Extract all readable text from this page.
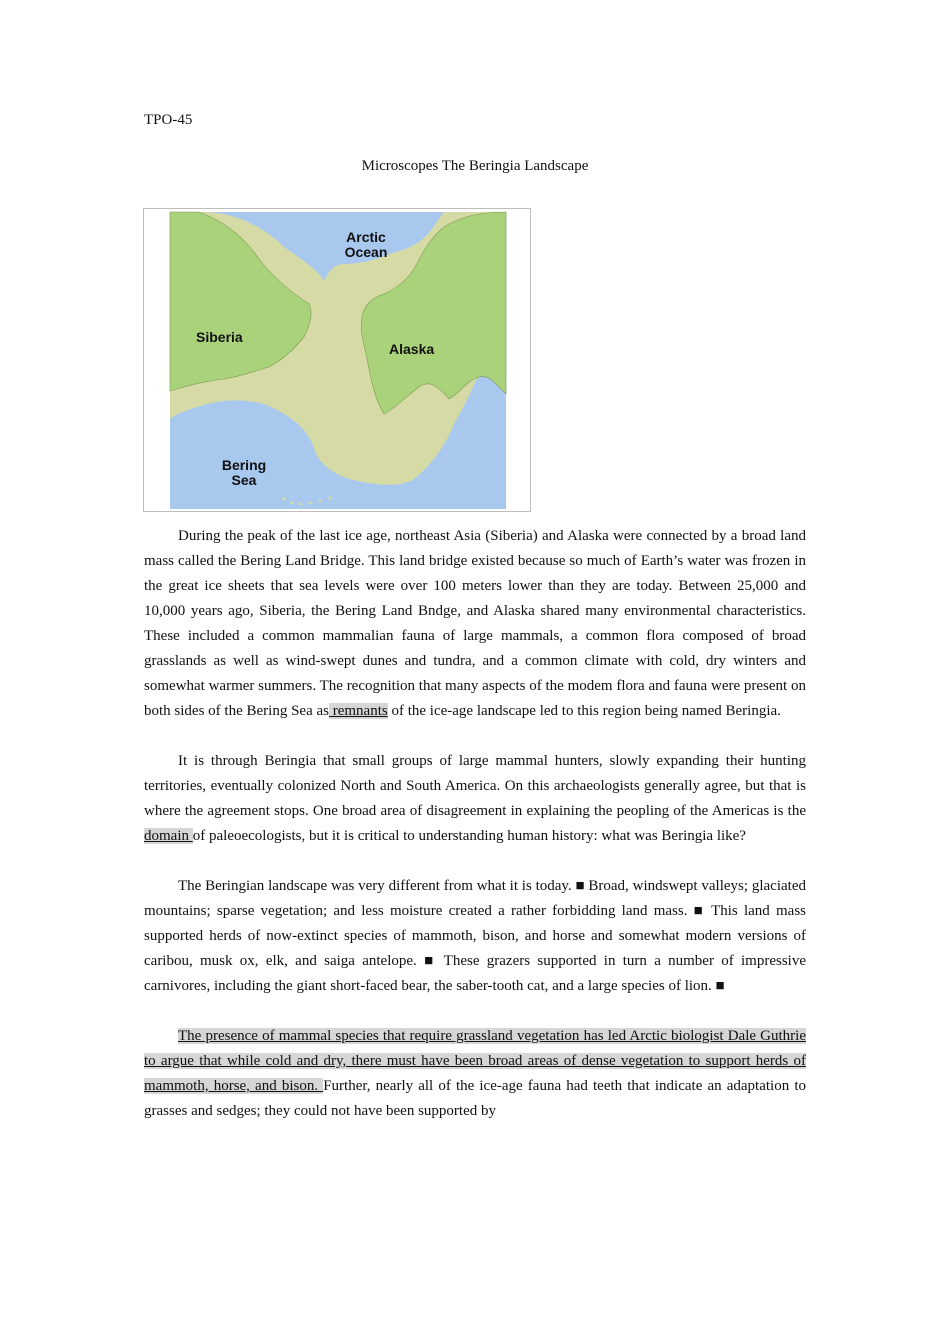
TPO-45
Microscopes The Beringia Landscape
Arctic
Ocean
Siberia
Alaska
Bering
Sea

During the peak of the last ice age, northeast Asia (Siberia) and Alaska were connected by a broad land mass called the Bering Land Bridge. This land bridge existed because so much of Earth’s water was frozen in the great ice sheets that sea levels were over 100 meters lower than they are today. Between 25,000 and 10,000 years ago, Siberia, the Bering Land Bndge, and Alaska shared many environmental characteristics. These included a common mammalian fauna of large mammals, a common flora composed of broad grasslands as well as wind-swept dunes and tundra, and a common climate with cold, dry winters and somewhat warmer summers. The recognition that many aspects of the modem flora and fauna were present on both sides of the Bering Sea as remnants of the ice-age landscape led to this region being named Beringia.

It is through Beringia that small groups of large mammal hunters, slowly expanding their hunting territories, eventually colonized North and South America. On this archaeologists generally agree, but that is where the agreement stops. One broad area of disagreement in explaining the peopling of the Americas is the domain of paleoecologists, but it is critical to understanding human history: what was Beringia like?

The Beringian landscape was very different from what it is today. ■ Broad, windswept valleys; glaciated mountains; sparse vegetation; and less moisture created a rather forbidding land mass. ■ This land mass supported herds of now-extinct species of mammoth, bison, and horse and somewhat modern versions of caribou, musk ox, elk, and saiga antelope. ■ These grazers supported in turn a number of impressive carnivores, including the giant short-faced bear, the saber-tooth cat, and a large species of lion. ■

The presence of mammal species that require grassland vegetation has led Arctic biologist Dale Guthrie to argue that while cold and dry, there must have been broad areas of dense vegetation to support herds of mammoth, horse, and bison. Further, nearly all of the ice-age fauna had teeth that indicate an adaptation to grasses and sedges; they could not have been supported by
